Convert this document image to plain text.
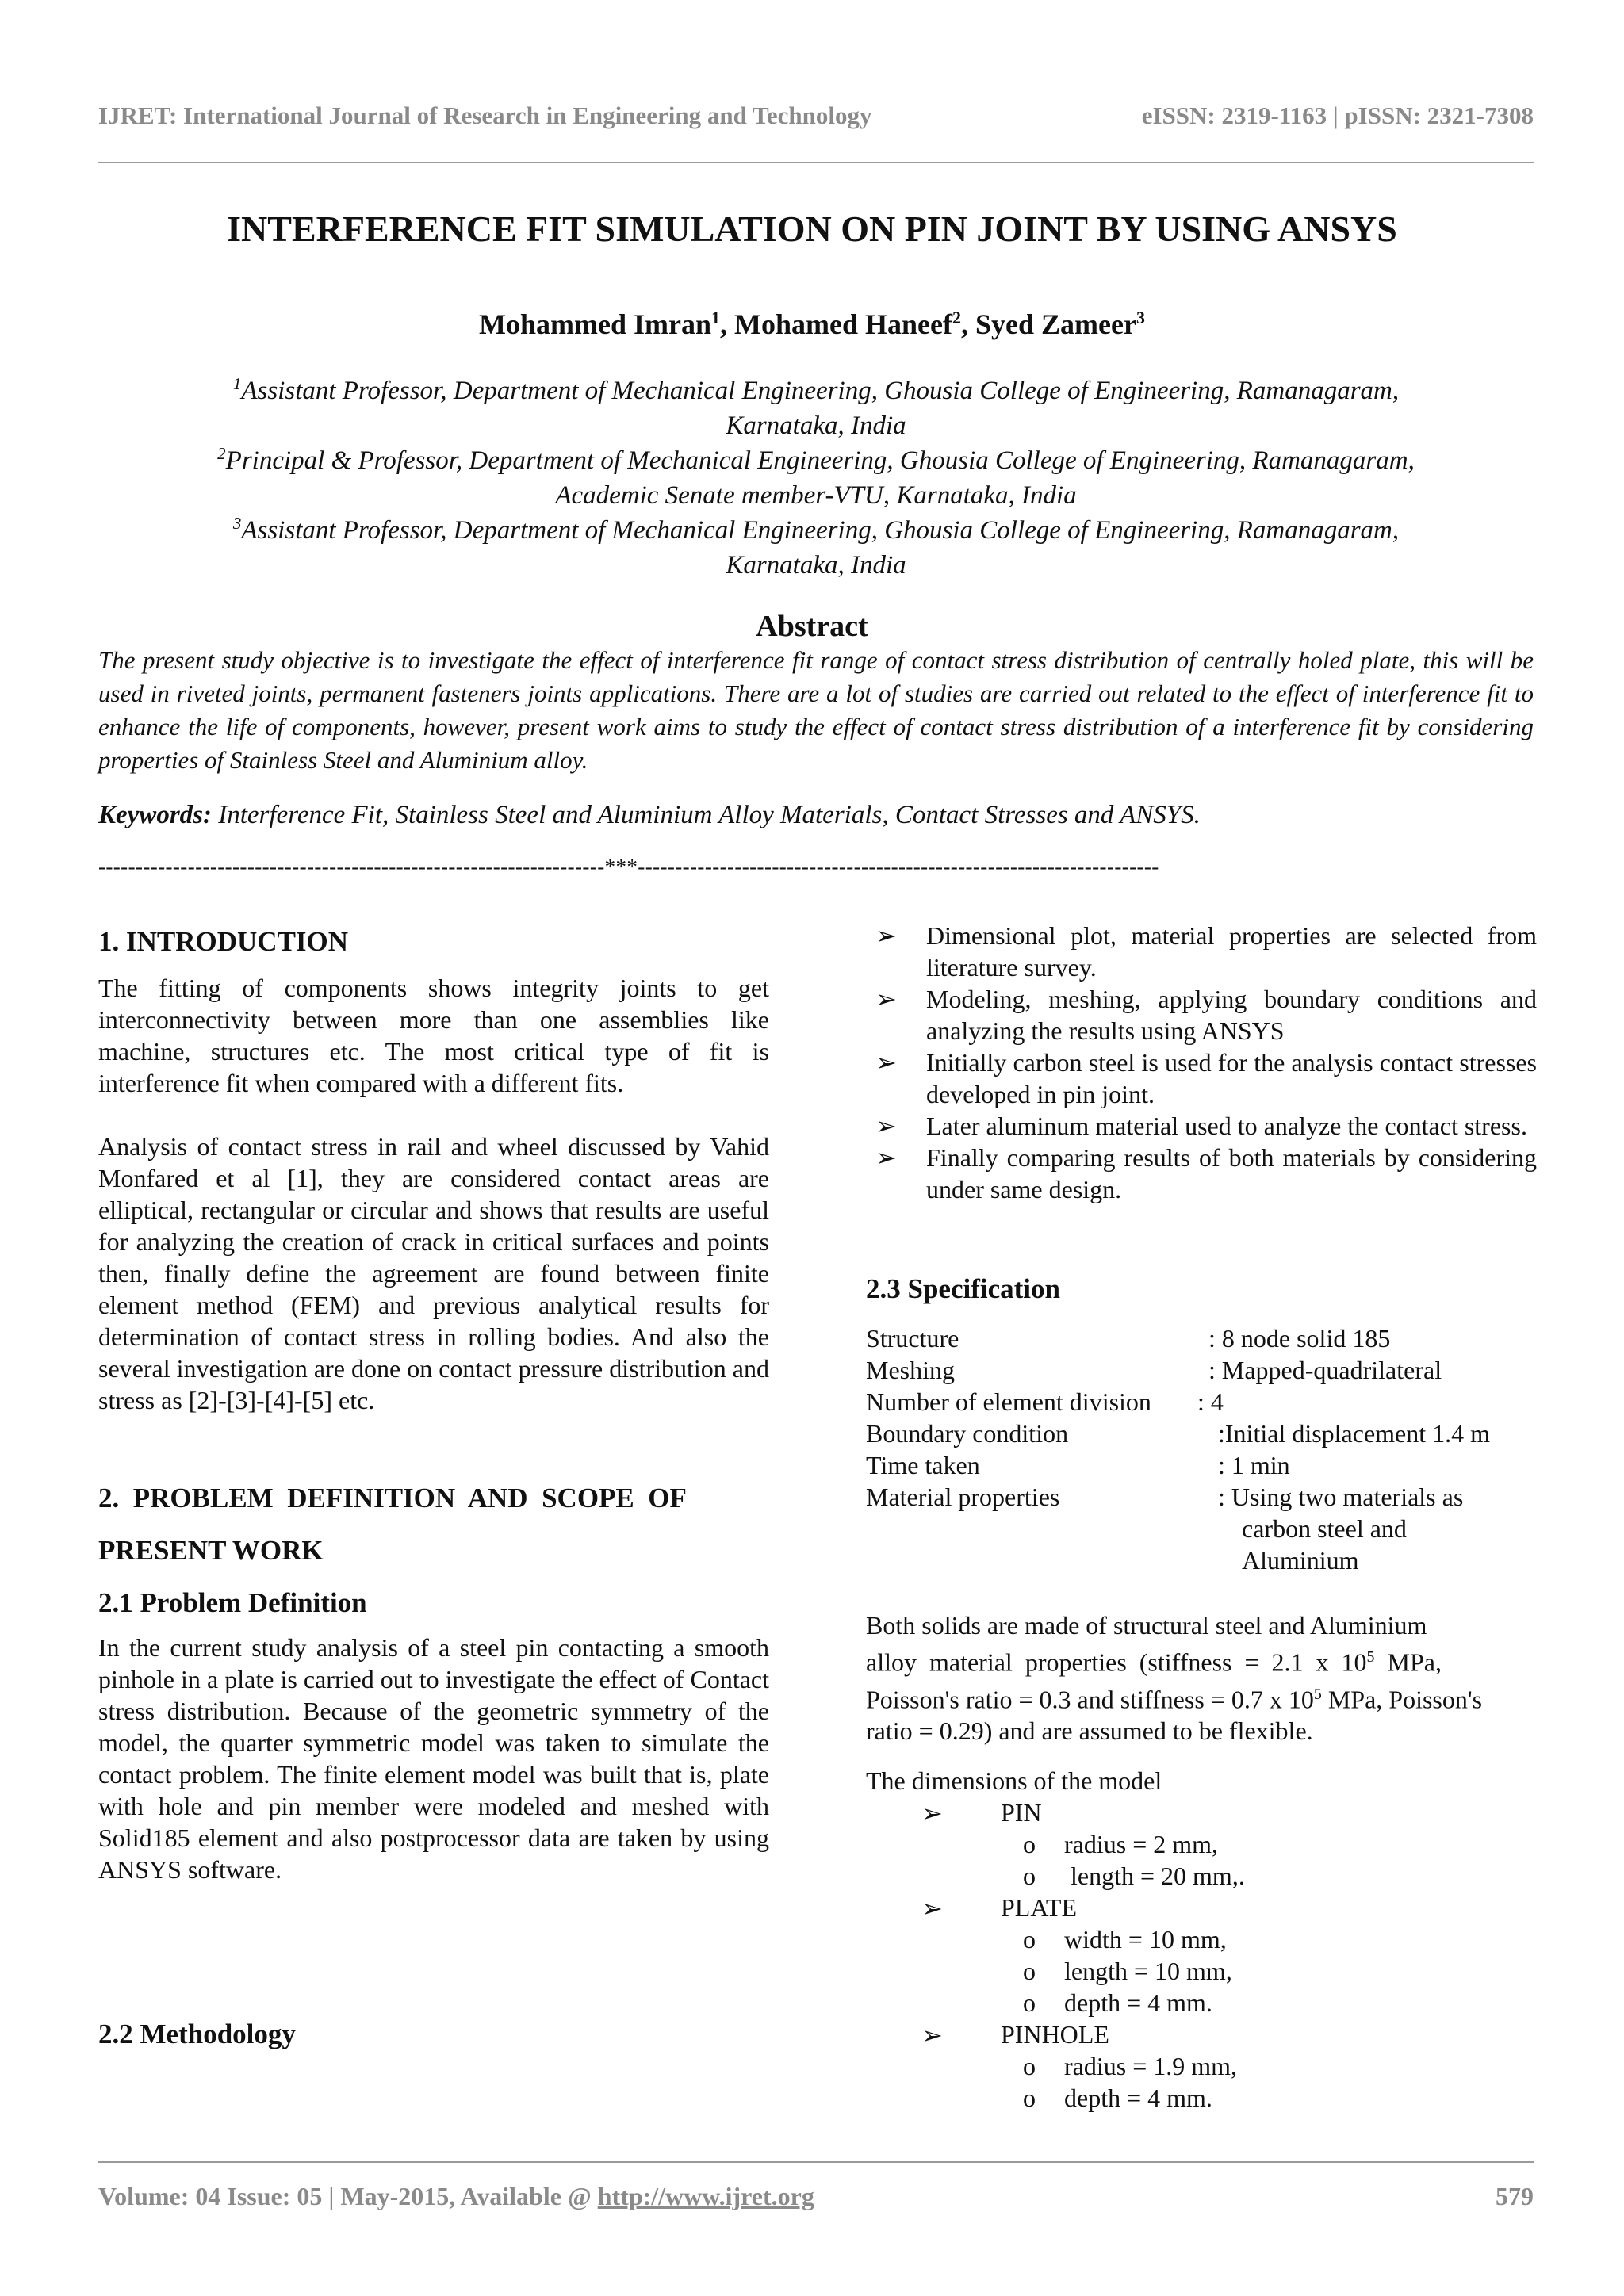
IJRET: International Journal of Research in Engineering and Technology	eISSN: 2319-1163 | pISSN: 2321-7308
INTERFERENCE FIT SIMULATION ON PIN JOINT BY USING ANSYS
Mohammed Imran$^1$, Mohamed Haneef$^2$, Syed Zameer$^3$
$^1$Assistant Professor, Department of Mechanical Engineering, Ghousia College of Engineering, Ramanagaram,
Karnataka, India
$^2$Principal & Professor, Department of Mechanical Engineering, Ghousia College of Engineering, Ramanagaram,
Academic Senate member-VTU, Karnataka, India
$^3$Assistant Professor, Department of Mechanical Engineering, Ghousia College of Engineering, Ramanagaram,
Karnataka, India
Abstract
The present study objective is to investigate the effect of interference fit range of contact stress distribution of centrally holed plate, this will be used in riveted joints, permanent fasteners joints applications. There are a lot of studies are carried out related to the effect of interference fit to enhance the life of components, however, present work aims to study the effect of contact stress distribution of a interference fit by considering properties of Stainless Steel and Aluminium alloy.
Keywords: Interference Fit, Stainless Steel and Aluminium Alloy Materials, Contact Stresses and ANSYS.
--------------------------------------------------------------------***----------------------------------------------------------------------
1. INTRODUCTION

The fitting of components shows integrity joints to get interconnectivity between more than one assemblies like machine, structures etc. The most critical type of fit is interference fit when compared with a different fits.

Analysis of contact stress in rail and wheel discussed by Vahid Monfared et al [1], they are considered contact areas are elliptical, rectangular or circular and shows that results are useful for analyzing the creation of crack in critical surfaces and points then, finally define the agreement are found between finite element method (FEM) and previous analytical results for determination of contact stress in rolling bodies. And also the several investigation are done on contact pressure distribution and stress as [2]-[3]-[4]-[5] etc.

2.  PROBLEM  DEFINITION  AND  SCOPE  OF
PRESENT WORK
2.1 Problem Definition

In the current study analysis of a steel pin contacting a smooth pinhole in a plate is carried out to investigate the effect of Contact stress distribution. Because of the geometric symmetry of the model, the quarter symmetric model was taken to simulate the contact problem. The finite element model was built that is, plate with hole and pin member were modeled and meshed with Solid185 element and also postprocessor data are taken by using ANSYS software.

2.2 Methodology
➢	Dimensional plot, material properties are selected from literature survey.
➢	Modeling, meshing, applying boundary conditions and analyzing the results using ANSYS
➢	Initially carbon steel is used for the analysis contact stresses developed in pin joint.
➢	Later aluminum material used to analyze the contact stress.
➢	Finally comparing results of both materials by considering under same design.
2.3 Specification
Structure	: 8 node solid 185
Meshing	: Mapped-quadrilateral
Number of element division : 4
Boundary condition	:Initial displacement 1.4 m
Time taken	: 1 min
Material properties	: Using two materials as
carbon steel and
Aluminium
Both solids are made of structural steel and Aluminium
alloy  material  properties  (stiffness  =  2.1  x  $10^5$  MPa,
Poisson's ratio = 0.3 and stiffness = 0.7 x $10^5$ MPa, Poisson's
ratio = 0.29) and are assumed to be flexible.
The dimensions of the model
➢ PIN
o radius = 2 mm,
o length = 20 mm,.
➢ PLATE
o width = 10 mm,
o length = 10 mm,
o depth = 4 mm.
➢ PINHOLE
o radius = 1.9 mm,
o depth = 4 mm.
Volume: 04 Issue: 05 | May-2015, Available @ http://www.ijret.org	579
